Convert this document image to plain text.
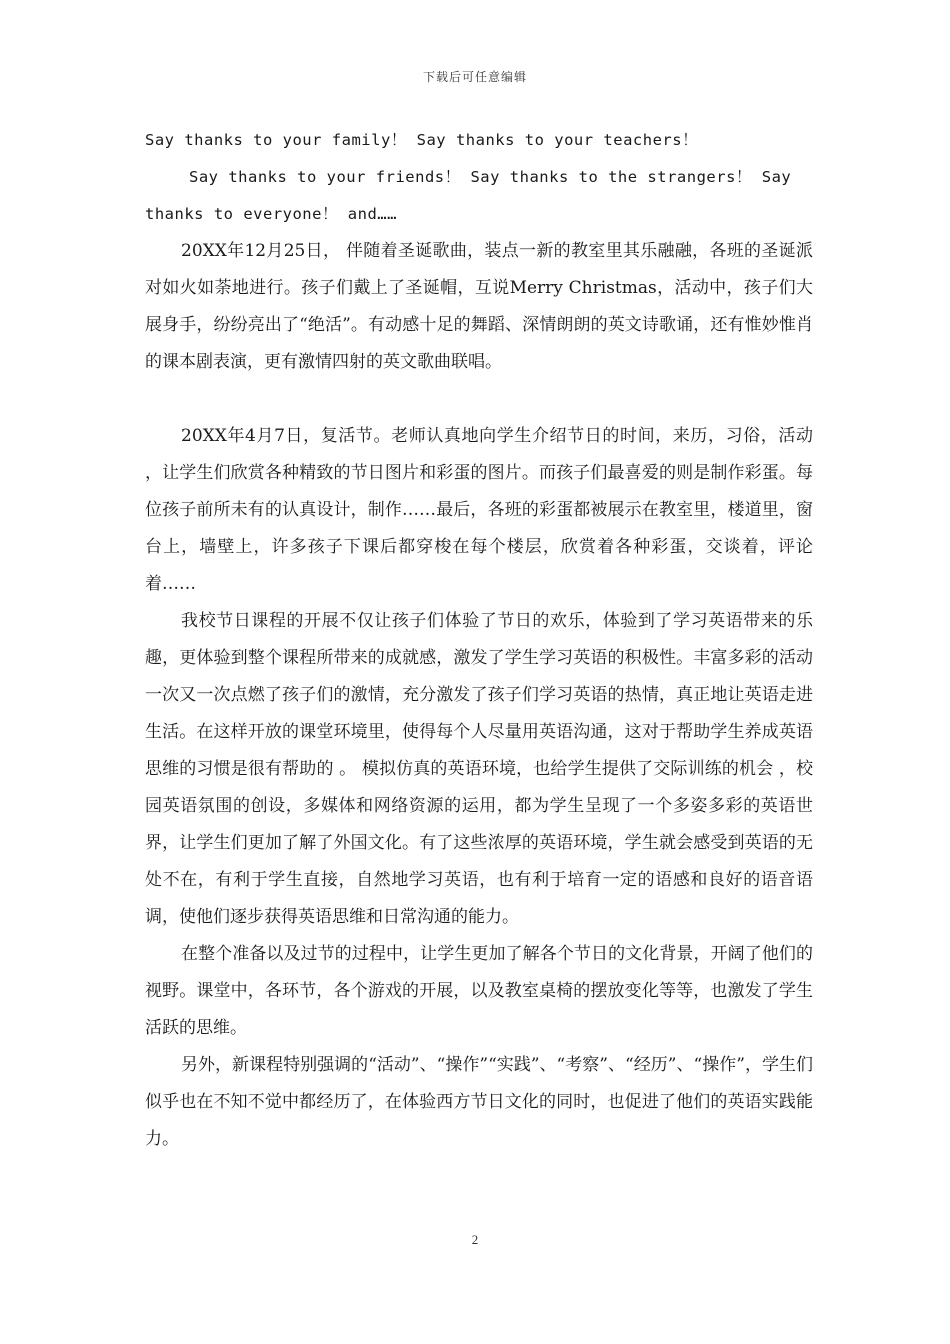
下载后可任意编辑

Say thanks to your family！ Say thanks to your teachers！

Say thanks to your friends！ Say thanks to the strangers！ Say thanks to everyone！ and……

20XX年12月25日， 伴随着圣诞歌曲，装点一新的教室里其乐融融，各班的圣诞派对如火如荼地进行。孩子们戴上了圣诞帽，互说Merry Christmas，活动中，孩子们大展身手，纷纷亮出了“绝活”。有动感十足的舞蹈、深情朗朗的英文诗歌诵，还有惟妙惟肖的课本剧表演，更有激情四射的英文歌曲联唱。

20XX年4月7日，复活节。老师认真地向学生介绍节日的时间，来历，习俗，活动 ，让学生们欣赏各种精致的节日图片和彩蛋的图片。而孩子们最喜爱的则是制作彩蛋。每位孩子前所未有的认真设计，制作……最后，各班的彩蛋都被展示在教室里，楼道里，窗台上，墙壁上，许多孩子下课后都穿梭在每个楼层，欣赏着各种彩蛋，交谈着，评论着……

我校节日课程的开展不仅让孩子们体验了节日的欢乐，体验到了学习英语带来的乐趣，更体验到整个课程所带来的成就感，激发了学生学习英语的积极性。丰富多彩的活动一次又一次点燃了孩子们的激情，充分激发了孩子们学习英语的热情，真正地让英语走进生活。在这样开放的课堂环境里，使得每个人尽量用英语沟通，这对于帮助学生养成英语思维的习惯是很有帮助的 。 模拟仿真的英语环境，也给学生提供了交际训练的机会 ，校园英语氛围的创设，多媒体和网络资源的运用，都为学生呈现了一个多姿多彩的英语世界，让学生们更加了解了外国文化。有了这些浓厚的英语环境，学生就会感受到英语的无处不在，有利于学生直接，自然地学习英语，也有利于培育一定的语感和良好的语音语调，使他们逐步获得英语思维和日常沟通的能力。

在整个准备以及过节的过程中，让学生更加了解各个节日的文化背景，开阔了他们的视野。课堂中，各环节，各个游戏的开展，以及教室桌椅的摆放变化等等，也激发了学生活跃的思维。

另外，新课程特别强调的“活动”、“操作”“实践”、“考察”、“经历”、“操作”，学生们似乎也在不知不觉中都经历了，在体验西方节日文化的同时，也促进了他们的英语实践能力。

2
